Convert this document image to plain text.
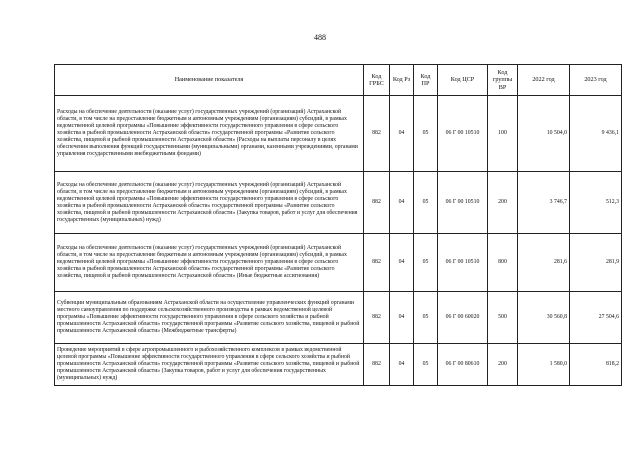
488
Наименование показателя	Код ГРБС	Код Рз	Код ПР	Код ЦСР	Код группы ВР	2022 год	2023 год
Расходы на обеспечение деятельности (оказание услуг) государственных учреждений (организаций) Астраханской области, в том числе на предоставление бюджетным и автономным учреждениям (организациям) субсидий, в рамках ведомственной целевой программы «Повышение эффективности государственного управления в сфере сельского хозяйства и рыбной промышленности Астраханской области» государственной программы «Развитие сельского хозяйства, пищевой и рыбной промышленности Астраханской области» (Расходы на выплаты персоналу в целях обеспечения выполнения функций государственными (муниципальными) органами, казенными учреждениями, органами управления государственными внебюджетными фондами)	882	04	05	06 Г 00 10510	100	10 504,0	9 436,1
Расходы на обеспечение деятельности (оказание услуг) государственных учреждений (организаций) Астраханской области, в том числе на предоставление бюджетным и автономным учреждениям (организациям) субсидий, в рамках ведомственной целевой программы «Повышение эффективности государственного управления в сфере сельского хозяйства и рыбной промышленности Астраханской области» государственной программы «Развитие сельского хозяйства, пищевой и рыбной промышленности Астраханской области» (Закупка товаров, работ и услуг для обеспечения государственных (муниципальных) нужд)	882	04	05	06 Г 00 10510	200	3 746,7	512,3
Расходы на обеспечение деятельности (оказание услуг) государственных учреждений (организаций) Астраханской области, в том числе на предоставление бюджетным и автономным учреждениям (организациям) субсидий, в рамках ведомственной целевой программы «Повышение эффективности государственного управления в сфере сельского хозяйства и рыбной промышленности Астраханской области» государственной программы «Развитие сельского хозяйства, пищевой и рыбной промышленности Астраханской области» (Иные бюджетные ассигнования)	882	04	05	06 Г 00 10510	800	281,6	281,9
Субвенции муниципальным образованиям Астраханской области на осуществление управленческих функций органами местного самоуправления по поддержке сельскохозяйственного производства в рамках ведомственной целевой программы «Повышение эффективности государственного управления в сфере сельского хозяйства и рыбной промышленности Астраханской области» государственной программы «Развитие сельского хозяйства, пищевой и рыбной промышленности Астраханской области» (Межбюджетные трансферты)	882	04	05	06 Г 00 60020	500	30 560,8	27 504,6
Проведение мероприятий в сфере агропромышленного и рыбохозяйственного комплексов в рамках ведомственной целевой программы «Повышение эффективности государственного управления в сфере сельского хозяйства и рыбной промышленности Астраханской области» государственной программы «Развитие сельского хозяйства, пищевой и рыбной промышленности Астраханской области» (Закупка товаров, работ и услуг для обеспечения государственных (муниципальных) нужд)	882	04	05	06 Г 00 80610	200	1 580,0	818,2
